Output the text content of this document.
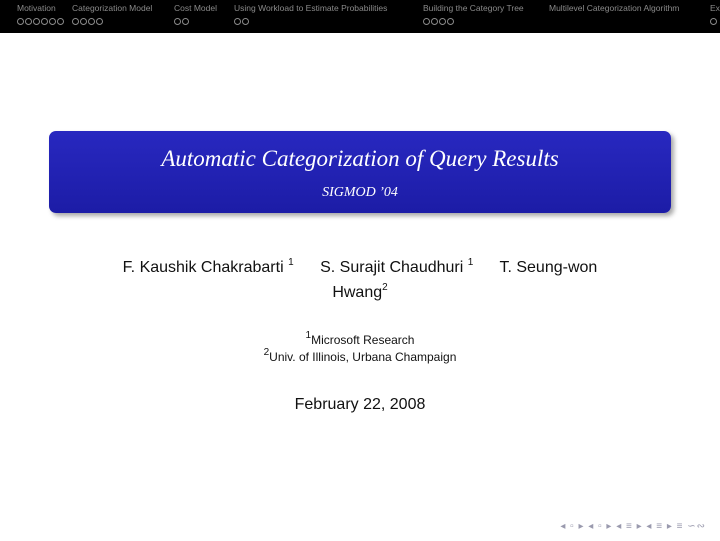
Motivation	Categorization Model	Cost Model Using Workload to Estimate Probabilities	Building the Category Tree	Multilevel Categorization Algorithm	Ex
Automatic Categorization of Query Results
SIGMOD ’04
F. Kaushik Chakrabarti $^1$ S. Surajit Chaudhuri $^1$ T. Seung-won
Hwang$^2$
$^1$Microsoft Research
$^2$Univ. of Illinois, Urbana Champaign
February 22, 2008
◂ ▫ ▸ ◂ ▫ ▸ ◂ ≡ ▸ ◂ ≡ ▸ ≡ ∽∾
